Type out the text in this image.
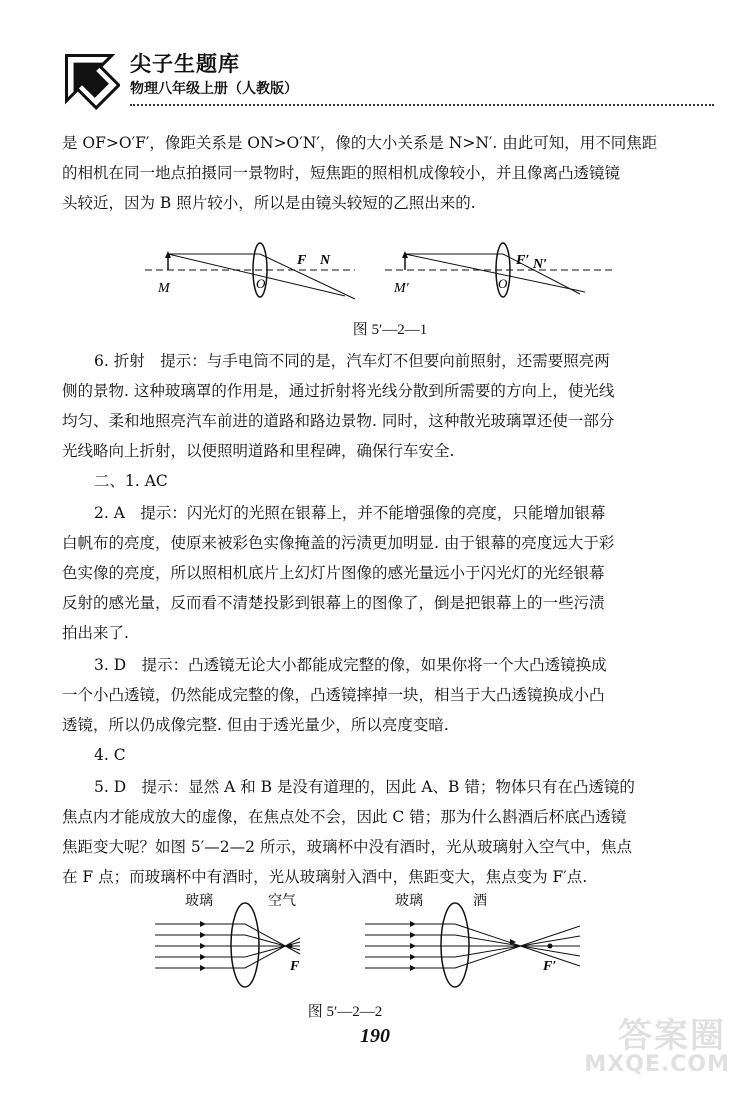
尖子生题库
物理八年级上册（人教版）
是 OF>O′F′，像距关系是 ON>O′N′，像的大小关系是 N>N′. 由此可知，用不同焦距
的相机在同一地点拍摄同一景物时，短焦距的照相机成像较小，并且像离凸透镜镜
头较近，因为 B 照片较小，所以是由镜头较短的乙照出来的.
M	O
F N
M′	O
F′ N′
图 5′—2—1
6. 折射　提示：与手电筒不同的是，汽车灯不但要向前照射，还需要照亮两
侧的景物. 这种玻璃罩的作用是，通过折射将光线分散到所需要的方向上，使光线
均匀、柔和地照亮汽车前进的道路和路边景物. 同时，这种散光玻璃罩还使一部分
光线略向上折射，以便照明道路和里程碑，确保行车安全.
二、1. AC
2. A　提示：闪光灯的光照在银幕上，并不能增强像的亮度，只能增加银幕
白帆布的亮度，使原来被彩色实像掩盖的污渍更加明显. 由于银幕的亮度远大于彩
色实像的亮度，所以照相机底片上幻灯片图像的感光量远小于闪光灯的光经银幕
反射的感光量，反而看不清楚投影到银幕上的图像了，倒是把银幕上的一些污渍
拍出来了.
3. D　提示：凸透镜无论大小都能成完整的像，如果你将一个大凸透镜换成
一个小凸透镜，仍然能成完整的像，凸透镜摔掉一块，相当于大凸透镜换成小凸
透镜，所以仍成像完整. 但由于透光量少，所以亮度变暗.
4. C
5. D　提示：显然 A 和 B 是没有道理的，因此 A、B 错；物体只有在凸透镜的
焦点内才能成放大的虚像，在焦点处不会，因此 C 错；那为什么斟酒后杯底凸透镜
焦距变大呢？如图 5′—2—2 所示，玻璃杯中没有酒时，光从玻璃射入空气中，焦点
在 F 点；而玻璃杯中有酒时，光从玻璃射入酒中，焦距变大，焦点变为 F′点.
玻璃	空气
F
玻璃	酒
F′
图 5′—2—2
190	答案圈
MXQE.COM
